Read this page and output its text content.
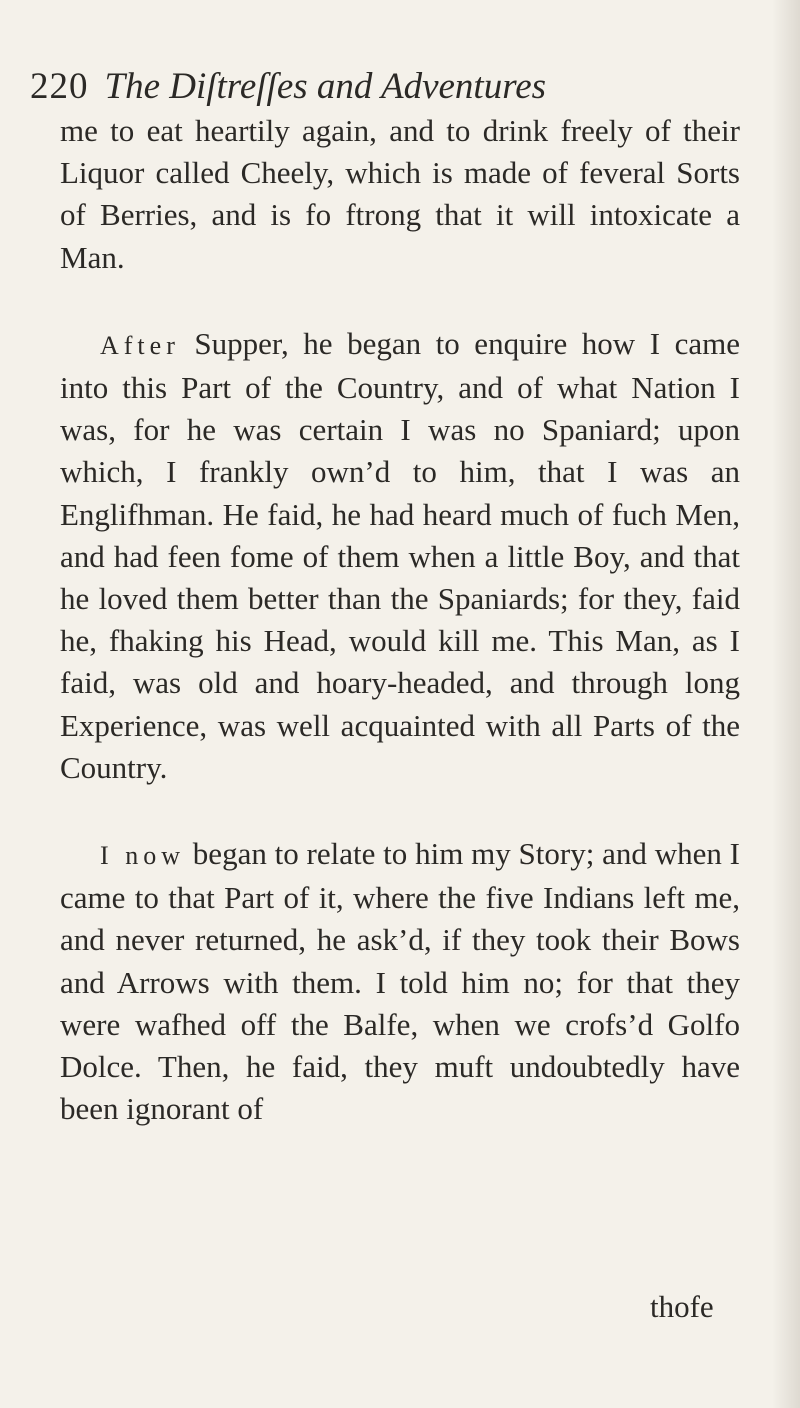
220 The Diſtreſſes and Adventures

me to eat heartily again, and to drink freely of their Liquor called Cheely, which is made of feveral Sorts of Berries, and is fo ftrong that it will intoxicate a Man.

After Supper, he began to enquire how I came into this Part of the Country, and of what Nation I was, for he was certain I was no Spaniard; upon which, I frankly own’d to him, that I was an Englifhman. He faid, he had heard much of fuch Men, and had feen fome of them when a little Boy, and that he loved them better than the Spaniards; for they, faid he, fhaking his Head, would kill me. This Man, as I faid, was old and hoary-headed, and through long Experience, was well acquainted with all Parts of the Country.

I now began to relate to him my Story; and when I came to that Part of it, where the five Indians left me, and never returned, he ask’d, if they took their Bows and Arrows with them. I told him no; for that they were wafhed off the Balfe, when we crofs’d Golfo Dolce. Then, he faid, they muft undoubtedly have been ignorant of

thofe
